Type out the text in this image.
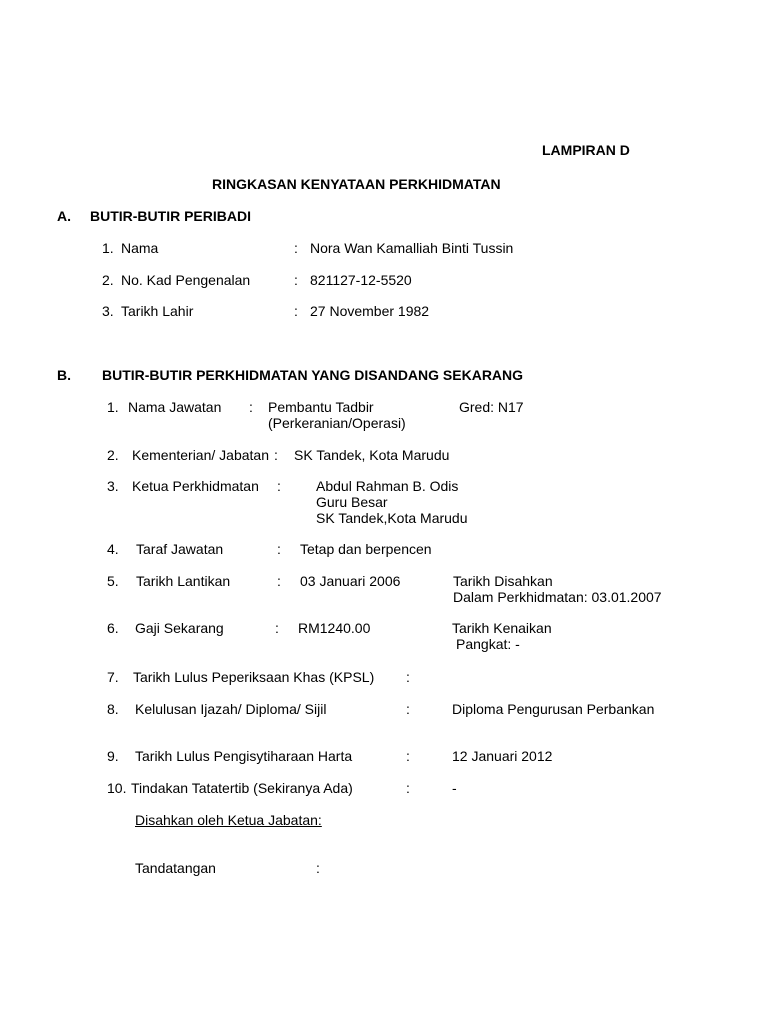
LAMPIRAN D
RINGKASAN KENYATAAN PERKHIDMATAN
A. BUTIR-BUTIR PERIBADI
1. Nama	: Nora Wan Kamalliah Binti Tussin
2. No. Kad Pengenalan	: 821127-12-5520
3. Tarikh Lahir	: 27 November 1982
B. BUTIR-BUTIR PERKHIDMATAN YANG DISANDANG SEKARANG
1. Nama Jawatan : Pembantu Tadbir
(Perkeranian/Operasi)
Gred: N17
2. Kementerian/ Jabatan : SK Tandek, Kota Marudu
3. Ketua Perkhidmatan :	Abdul Rahman B. Odis
Guru Besar
SK Tandek,Kota Marudu
4. Taraf Jawatan	: Tetap dan berpencen
5. Tarikh Lantikan	: 03 Januari 2006	Tarikh Disahkan
Dalam Perkhidmatan: 03.01.2007
6. Gaji Sekarang	: RM1240.00	Tarikh Kenaikan
Pangkat: -
7. Tarikh Lulus Peperiksaan Khas (KPSL) :
8. Kelulusan Ijazah/ Diploma/ Sijil	:	Diploma Pengurusan Perbankan
9. Tarikh Lulus Pengisytiharaan Harta	:	12 Januari 2012
10. Tindakan Tatatertib (Sekiranya Ada)	:	-
Disahkan oleh Ketua Jabatan:
Tandatangan	:
